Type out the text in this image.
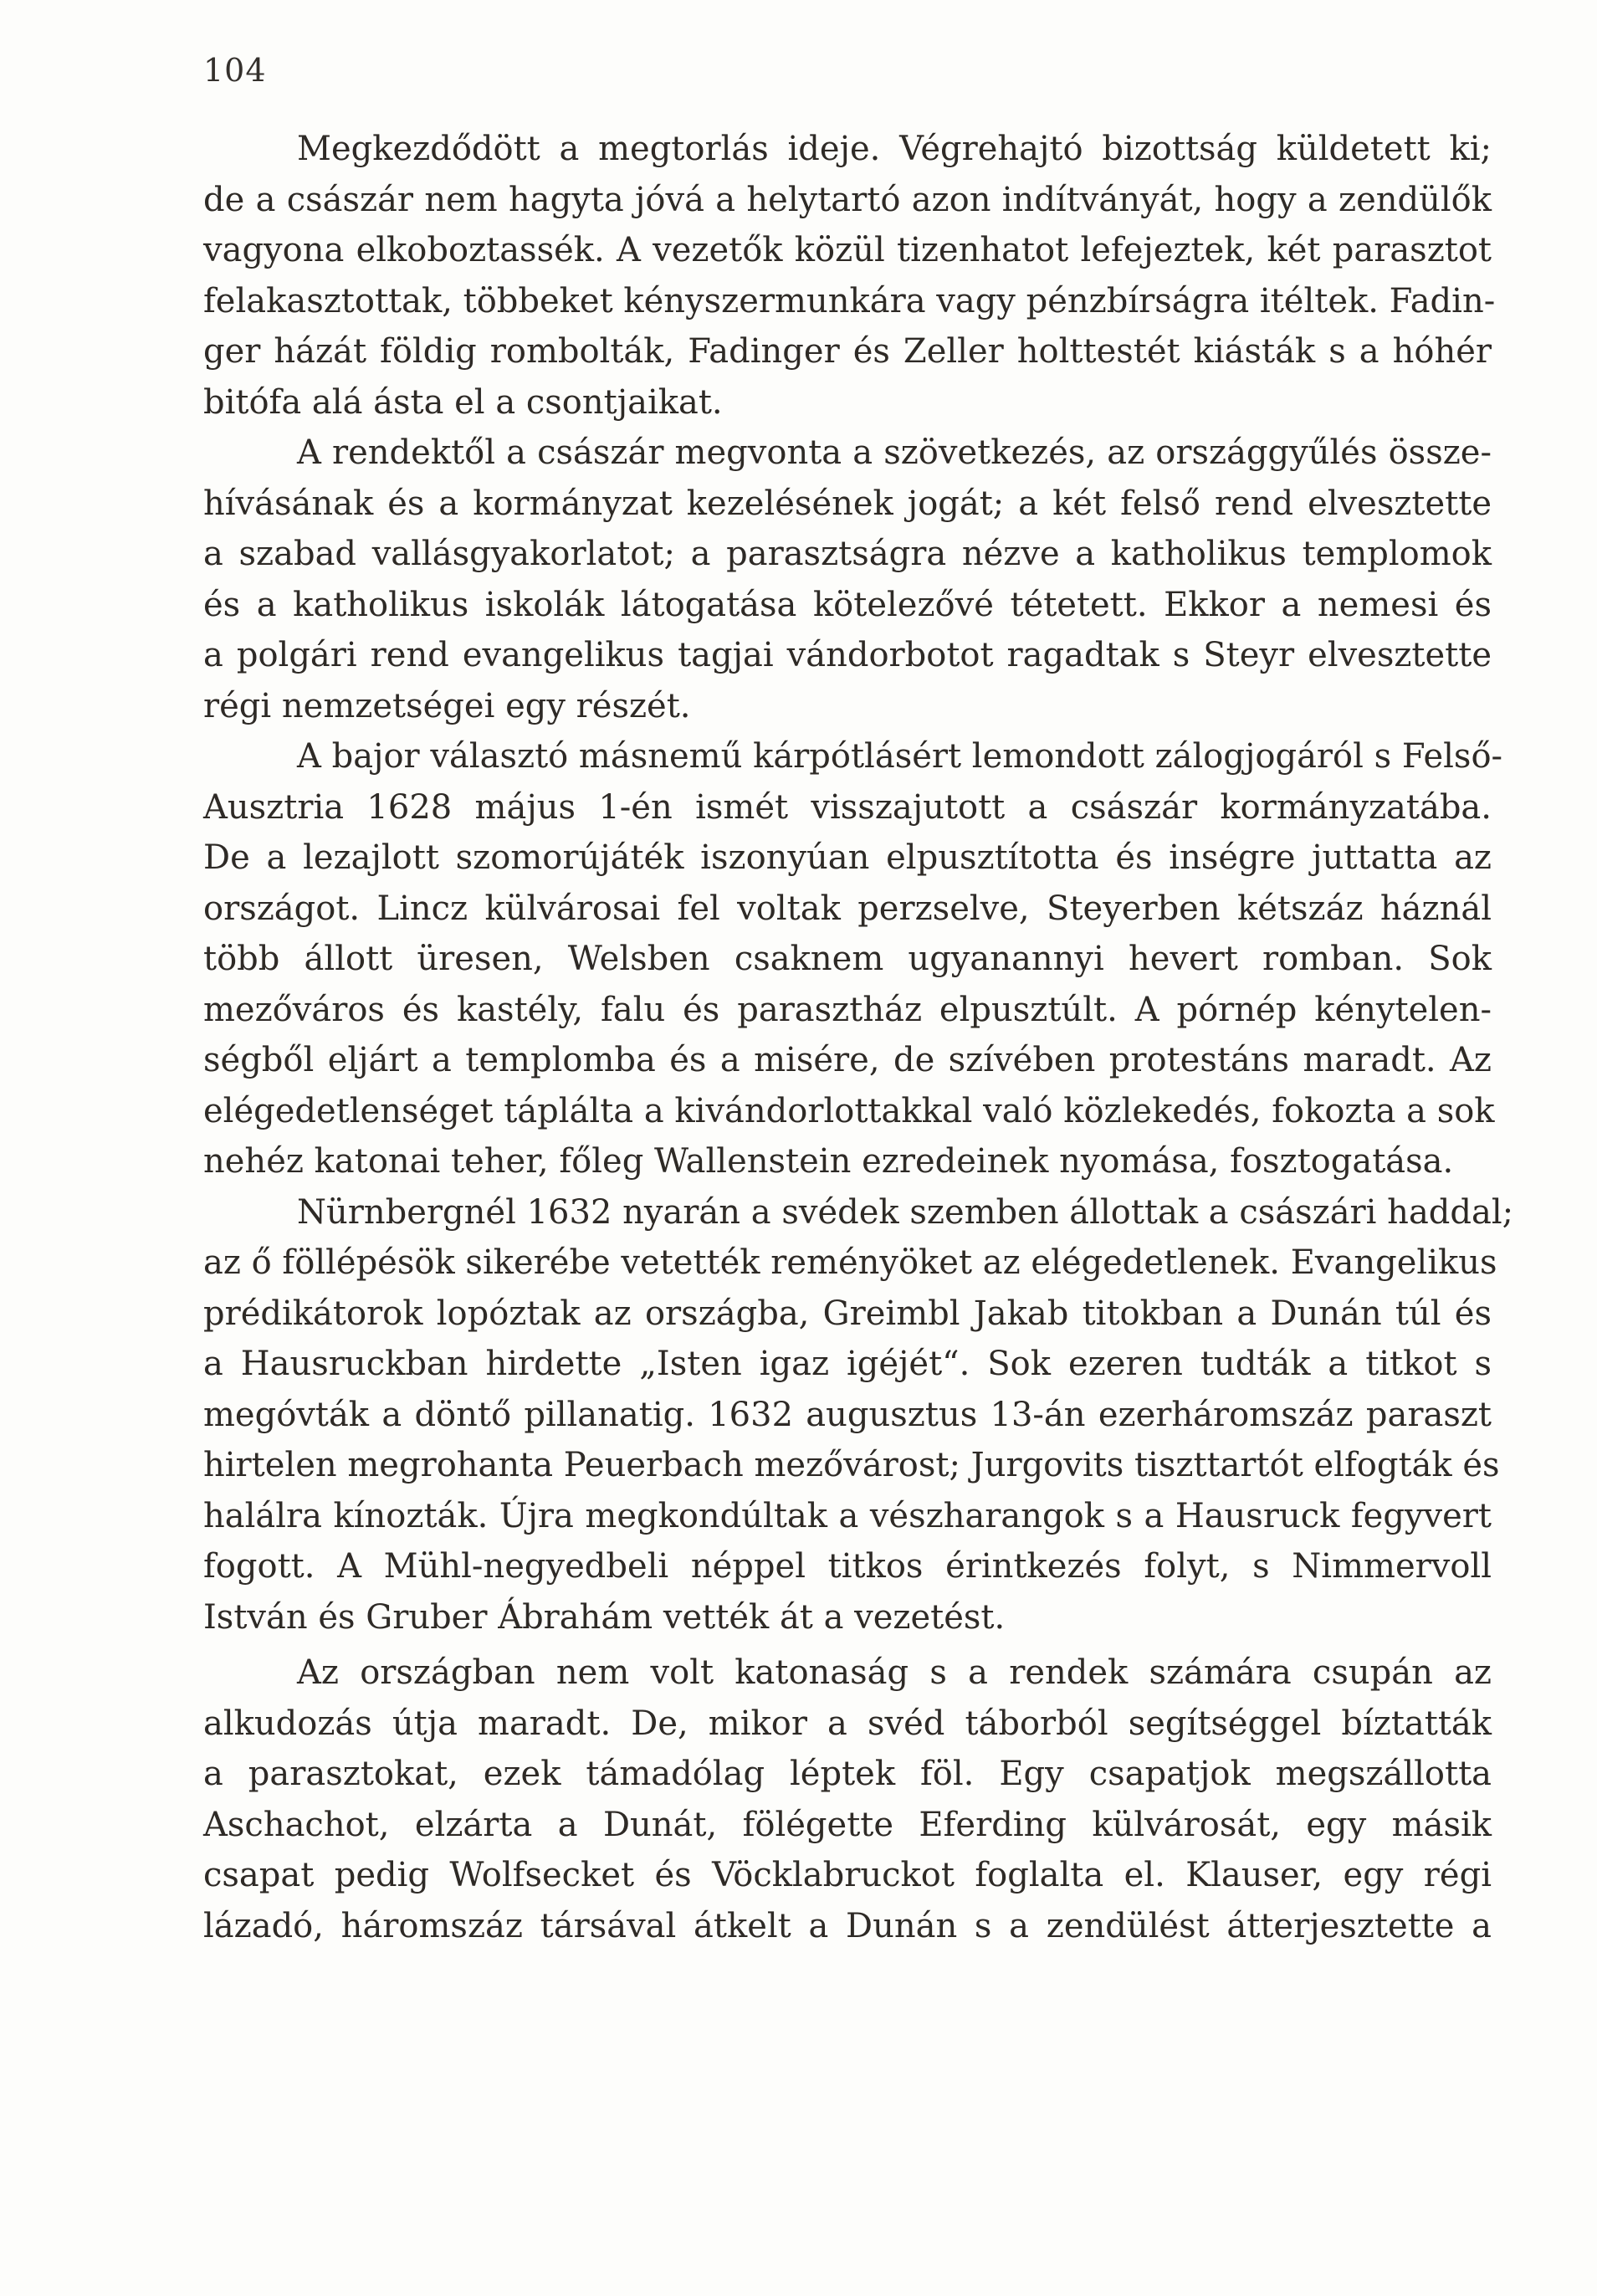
104

Megkezdődött a megtorlás ideje. Végrehajtó bizottság küldetett ki;
de a császár nem hagyta jóvá a helytartó azon indítványát, hogy a zendülők
vagyona elkoboztassék. A vezetők közül tizenhatot lefejeztek, két parasztot
felakasztottak, többeket kényszermunkára vagy pénzbírságra itéltek. Fadin-
ger házát földig rombolták, Fadinger és Zeller holttestét kiásták s a hóhér
bitófa alá ásta el a csontjaikat.

A rendektől a császár megvonta a szövetkezés, az országgyűlés össze-
hívásának és a kormányzat kezelésének jogát; a két felső rend elvesztette
a szabad vallásgyakorlatot; a parasztságra nézve a katholikus templomok
és a katholikus iskolák látogatása kötelezővé tétetett. Ekkor a nemesi és
a polgári rend evangelikus tagjai vándorbotot ragadtak s Steyr elvesztette
régi nemzetségei egy részét.

A bajor választó másnemű kárpótlásért lemondott zálogjogáról s Felső-
Ausztria 1628 május 1-én ismét visszajutott a császár kormányzatába.
De a lezajlott szomorújáték iszonyúan elpusztította és inségre juttatta az
országot. Lincz külvárosai fel voltak perzselve, Steyerben kétszáz háznál
több állott üresen, Welsben csaknem ugyanannyi hevert romban. Sok
mezőváros és kastély, falu és parasztház elpusztúlt. A pórnép kénytelen-
ségből eljárt a templomba és a misére, de szívében protestáns maradt. Az
elégedetlenséget táplálta a kivándorlottakkal való közlekedés, fokozta a sok
nehéz katonai teher, főleg Wallenstein ezredeinek nyomása, fosztogatása.

Nürnbergnél 1632 nyarán a svédek szemben állottak a császári haddal;
az ő föllépésök sikerébe vetették reményöket az elégedetlenek. Evangelikus
prédikátorok lopóztak az országba, Greimbl Jakab titokban a Dunán túl és
a Hausruckban hirdette „Isten igaz igéjét“. Sok ezeren tudták a titkot s
megóvták a döntő pillanatig. 1632 augusztus 13-án ezerháromszáz paraszt
hirtelen megrohanta Peuerbach mezővárost; Jurgovits tiszttartót elfogták és
halálra kínozták. Újra megkondúltak a vészharangok s a Hausruck fegyvert
fogott. A Mühl-negyedbeli néppel titkos érintkezés folyt, s Nimmervoll
István és Gruber Ábrahám vették át a vezetést.

Az országban nem volt katonaság s a rendek számára csupán az
alkudozás útja maradt. De, mikor a svéd táborból segítséggel bíztatták
a parasztokat, ezek támadólag léptek föl. Egy csapatjok megszállotta
Aschachot, elzárta a Dunát, fölégette Eferding külvárosát, egy másik
csapat pedig Wolfsecket és Vöcklabruckot foglalta el. Klauser, egy régi
lázadó, háromszáz társával átkelt a Dunán s a zendülést átterjesztette a
